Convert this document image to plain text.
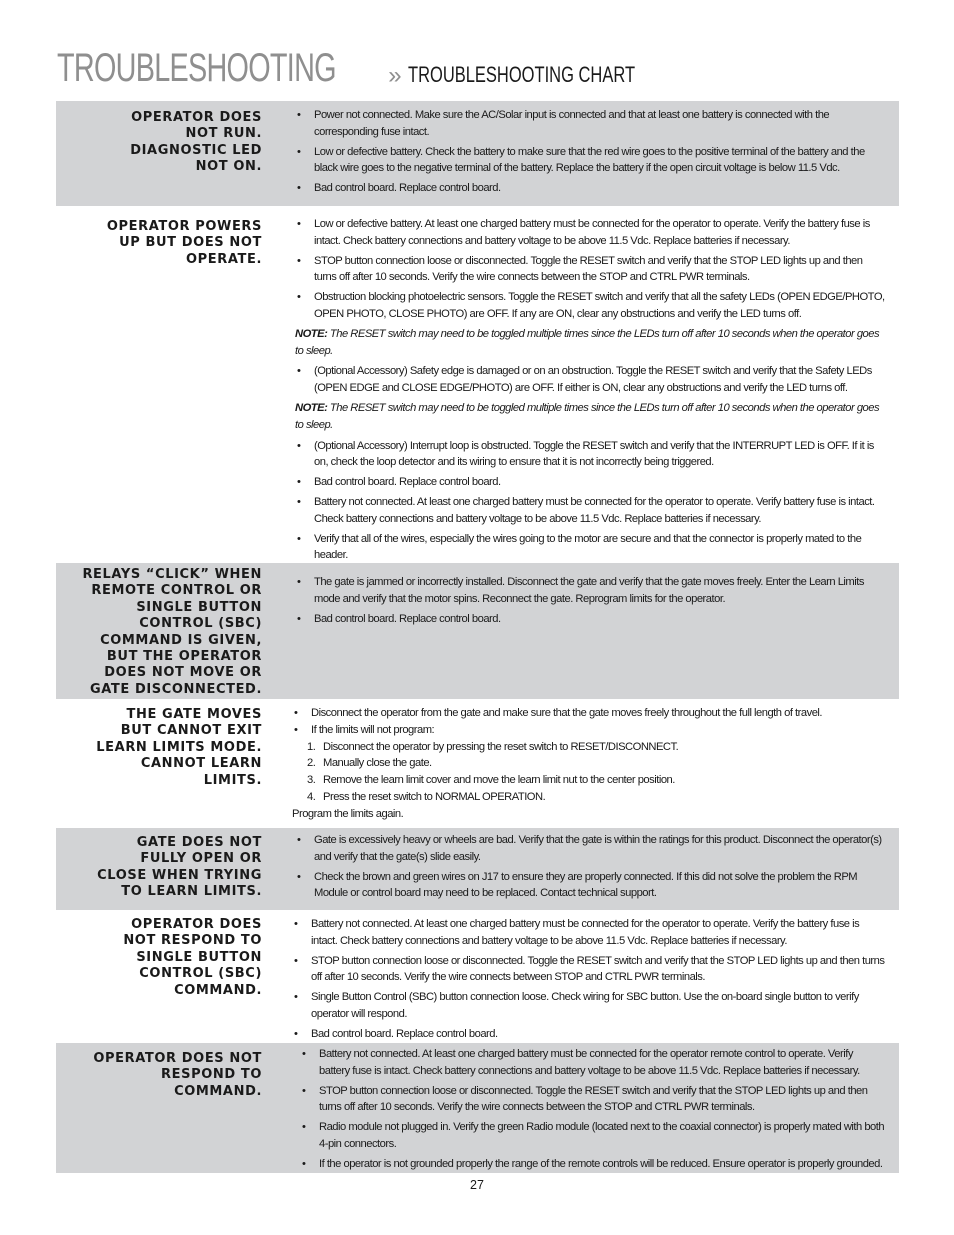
TROUBLESHOOTING » TROUBLESHOOTING CHART
OPERATOR DOES
NOT RUN.
DIAGNOSTIC LED
NOT ON.
• Power not connected. Make sure the AC/Solar input is connected and that at least one battery is connected with the corresponding fuse intact.
• Low or defective battery. Check the battery to make sure that the red wire goes to the positive terminal of the battery and the black wire goes to the negative terminal of the battery. Replace the battery if the open circuit voltage is below 11.5 Vdc.
• Bad control board. Replace control board.
OPERATOR POWERS
UP BUT DOES NOT
OPERATE.
• Low or defective battery. At least one charged battery must be connected for the operator to operate. Verify the battery fuse is intact. Check battery connections and battery voltage to be above 11.5 Vdc. Replace batteries if necessary.
• STOP button connection loose or disconnected. Toggle the RESET switch and verify that the STOP LED lights up and then turns off after 10 seconds. Verify the wire connects between the STOP and CTRL PWR terminals.
• Obstruction blocking photoelectric sensors. Toggle the RESET switch and verify that all the safety LEDs (OPEN EDGE/PHOTO, OPEN PHOTO, CLOSE PHOTO) are OFF. If any are ON, clear any obstructions and verify the LED turns off.

NOTE: The RESET switch may need to be toggled multiple times since the LEDs turn off after 10 seconds when the operator goes to sleep.

• (Optional Accessory) Safety edge is damaged or on an obstruction. Toggle the RESET switch and verify that the Safety LEDs (OPEN EDGE and CLOSE EDGE/PHOTO) are OFF. If either is ON, clear any obstructions and verify the LED turns off.

NOTE: The RESET switch may need to be toggled multiple times since the LEDs turn off after 10 seconds when the operator goes to sleep.

• (Optional Accessory) Interrupt loop is obstructed. Toggle the RESET switch and verify that the INTERRUPT LED is OFF. If it is on, check the loop detector and its wiring to ensure that it is not incorrectly being triggered.
• Bad control board. Replace control board.
• Battery not connected. At least one charged battery must be connected for the operator to operate. Verify battery fuse is intact. Check battery connections and battery voltage to be above 11.5 Vdc. Replace batteries if necessary.
• Verify that all of the wires, especially the wires going to the motor are secure and that the connector is properly mated to the header.
RELAYS “CLICK” WHEN
REMOTE CONTROL OR
SINGLE BUTTON
CONTROL (SBC)
COMMAND IS GIVEN,
BUT THE OPERATOR
DOES NOT MOVE OR
GATE DISCONNECTED.
• The gate is jammed or incorrectly installed. Disconnect the gate and verify that the gate moves freely. Enter the Learn Limits mode and verify that the motor spins. Reconnect the gate. Reprogram limits for the operator.
• Bad control board. Replace control board.
THE GATE MOVES
BUT CANNOT EXIT
LEARN LIMITS MODE.
CANNOT LEARN
LIMITS.
• Disconnect the operator from the gate and make sure that the gate moves freely throughout the full length of travel.
• If the limits will not program:
1. Disconnect the operator by pressing the reset switch to RESET/DISCONNECT.
2. Manually close the gate.
3. Remove the learn limit cover and move the learn limit nut to the center position.
4. Press the reset switch to NORMAL OPERATION.

Program the limits again.

GATE DOES NOT
FULLY OPEN OR
CLOSE WHEN TRYING
TO LEARN LIMITS.
• Gate is excessively heavy or wheels are bad. Verify that the gate is within the ratings for this product. Disconnect the operator(s) and verify that the gate(s) slide easily.
• Check the brown and green wires on J17 to ensure they are properly connected. If this did not solve the problem the RPM Module or control board may need to be replaced. Contact technical support.
OPERATOR DOES
NOT RESPOND TO
SINGLE BUTTON
CONTROL (SBC)
COMMAND.
• Battery not connected. At least one charged battery must be connected for the operator to operate. Verify the battery fuse is intact. Check battery connections and battery voltage to be above 11.5 Vdc. Replace batteries if necessary.
• STOP button connection loose or disconnected. Toggle the RESET switch and verify that the STOP LED lights up and then turns off after 10 seconds. Verify the wire connects between STOP and CTRL PWR terminals.
• Single Button Control (SBC) button connection loose. Check wiring for SBC button. Use the on-board single button to verify operator will respond.
• Bad control board. Replace control board.
OPERATOR DOES NOT
RESPOND TO
COMMAND.
• Battery not connected. At least one charged battery must be connected for the operator remote control to operate. Verify battery fuse is intact. Check battery connections and battery voltage to be above 11.5 Vdc. Replace batteries if necessary.
• STOP button connection loose or disconnected. Toggle the RESET switch and verify that the STOP LED lights up and then turns off after 10 seconds. Verify the wire connects between the STOP and CTRL PWR terminals.
• Radio module not plugged in. Verify the green Radio module (located next to the coaxial connector) is properly mated with both 4-pin connectors.
• If the operator is not grounded properly the range of the remote controls will be reduced. Ensure operator is properly grounded.
27
